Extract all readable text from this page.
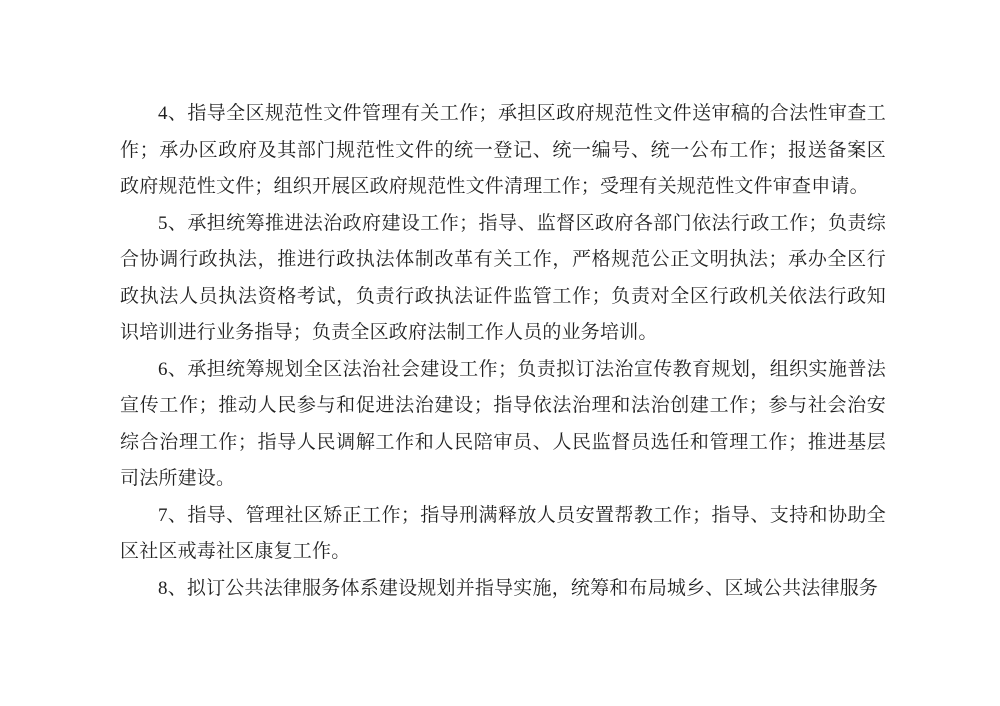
4、指导全区规范性文件管理有关工作；承担区政府规范性文件送审稿的合法性审查工作；承办区政府及其部门规范性文件的统一登记、统一编号、统一公布工作；报送备案区政府规范性文件；组织开展区政府规范性文件清理工作；受理有关规范性文件审查申请。

5、承担统筹推进法治政府建设工作；指导、监督区政府各部门依法行政工作；负责综合协调行政执法，推进行政执法体制改革有关工作，严格规范公正文明执法；承办全区行政执法人员执法资格考试，负责行政执法证件监管工作；负责对全区行政机关依法行政知识培训进行业务指导；负责全区政府法制工作人员的业务培训。

6、承担统筹规划全区法治社会建设工作；负责拟订法治宣传教育规划，组织实施普法宣传工作；推动人民参与和促进法治建设；指导依法治理和法治创建工作；参与社会治安综合治理工作；指导人民调解工作和人民陪审员、人民监督员选任和管理工作；推进基层司法所建设。

7、指导、管理社区矫正工作；指导刑满释放人员安置帮教工作；指导、支持和协助全区社区戒毒社区康复工作。

8、拟订公共法律服务体系建设规划并指导实施，统筹和布局城乡、区域公共法律服务
